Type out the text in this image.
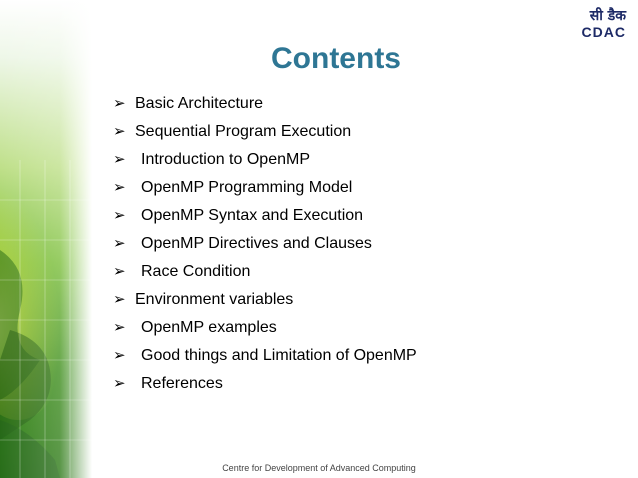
सी डैक
CDAC
Contents
➢ Basic Architecture
➢ Sequential Program Execution
➢ Introduction to OpenMP
➢ OpenMP Programming Model
➢ OpenMP Syntax and Execution
➢ OpenMP Directives and Clauses
➢ Race Condition
➢ Environment variables
➢ OpenMP examples
➢ Good things and Limitation of OpenMP
➢ References
Centre for Development of Advanced Computing
